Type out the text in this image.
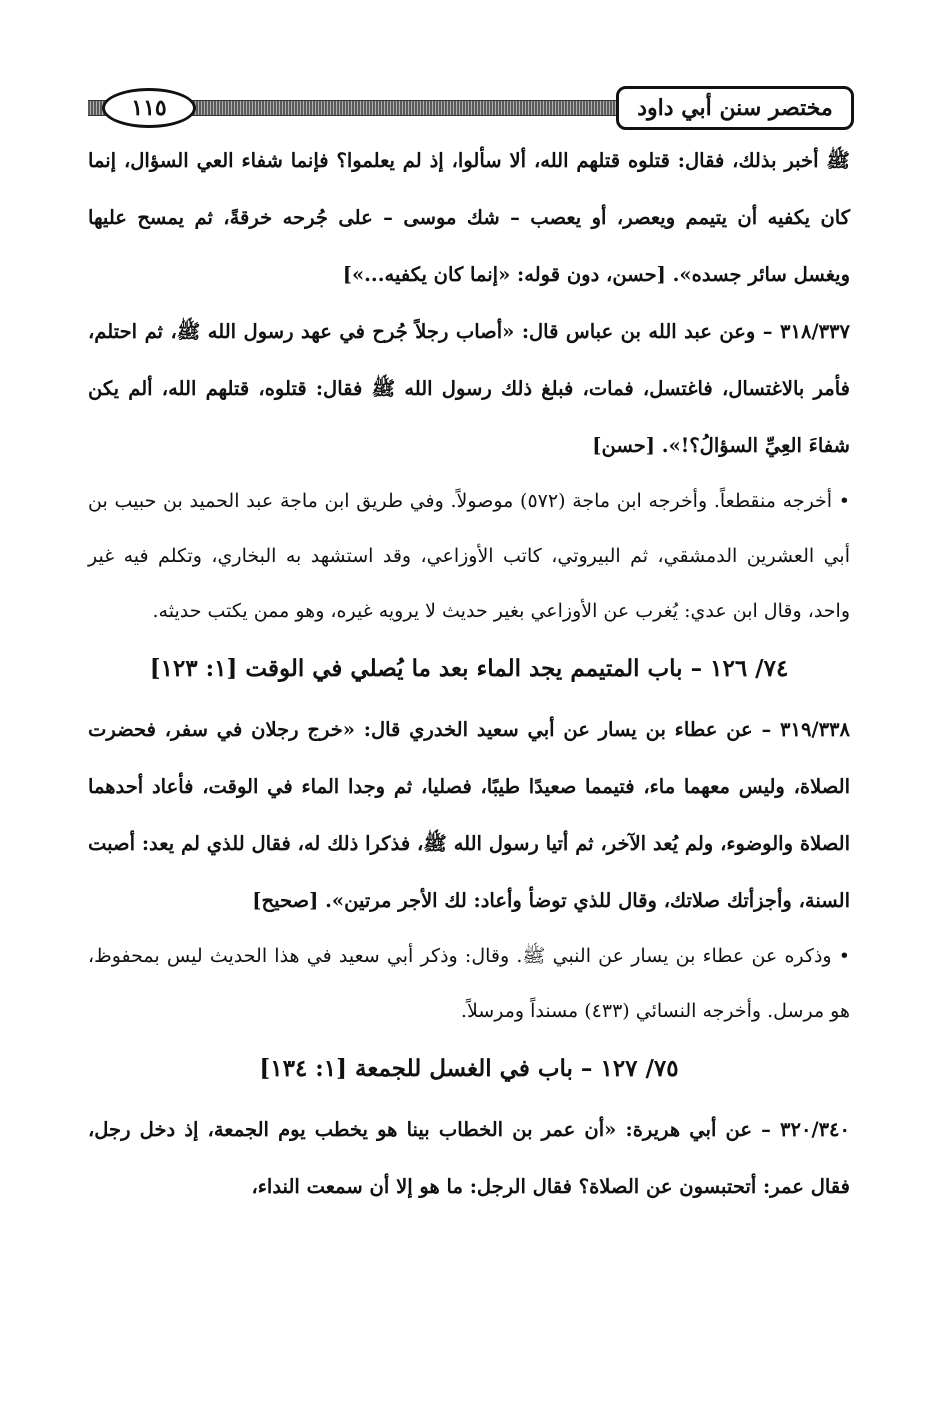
١١٥	مختصر سنن أبي داود

ﷺ أخبر بذلك، فقال: قتلوه قتلهم الله، ألا سألوا، إذ لم يعلموا؟ فإنما شفاء العي السؤال، إنما كان يكفيه أن يتيمم ويعصر، أو يعصب – شك موسى – على جُرحه خرقةً، ثم يمسح عليها ويغسل سائر جسده». [حسن، دون قوله: «إنما كان يكفيه...»]

٣١٨/٣٣٧ – وعن عبد الله بن عباس قال: «أصاب رجلاً جُرح في عهد رسول الله ﷺ، ثم احتلم، فأمر بالاغتسال، فاغتسل، فمات، فبلغ ذلك رسول الله ﷺ فقال: قتلوه، قتلهم الله، ألم يكن شفاءَ العِيِّ السؤالُ؟!». [حسن]

• أخرجه منقطعاً. وأخرجه ابن ماجة (٥٧٢) موصولاً. وفي طريق ابن ماجة عبد الحميد بن حبيب بن أبي العشرين الدمشقي، ثم البيروتي، كاتب الأوزاعي، وقد استشهد به البخاري، وتكلم فيه غير واحد، وقال ابن عدي: يُغرب عن الأوزاعي بغير حديث لا يرويه غيره، وهو ممن يكتب حديثه.

٧٤/ ١٢٦ – باب المتيمم يجد الماء بعد ما يُصلي في الوقت [١: ١٢٣]

٣١٩/٣٣٨ – عن عطاء بن يسار عن أبي سعيد الخدري قال: «خرج رجلان في سفر، فحضرت الصلاة، وليس معهما ماء، فتيمما صعيدًا طيبًا، فصليا، ثم وجدا الماء في الوقت، فأعاد أحدهما الصلاة والوضوء، ولم يُعد الآخر، ثم أتيا رسول الله ﷺ، فذكرا ذلك له، فقال للذي لم يعد: أصبت السنة، وأجزأتك صلاتك، وقال للذي توضأ وأعاد: لك الأجر مرتين». [صحيح]

• وذكره عن عطاء بن يسار عن النبي ﷺ. وقال: وذكر أبي سعيد في هذا الحديث ليس بمحفوظ، هو مرسل. وأخرجه النسائي (٤٣٣) مسنداً ومرسلاً.

٧٥/ ١٢٧ – باب في الغسل للجمعة [١: ١٣٤]

٣٢٠/٣٤٠ – عن أبي هريرة: «أن عمر بن الخطاب بينا هو يخطب يوم الجمعة، إذ دخل رجل، فقال عمر: أتحتبسون عن الصلاة؟ فقال الرجل: ما هو إلا أن سمعت النداء،
